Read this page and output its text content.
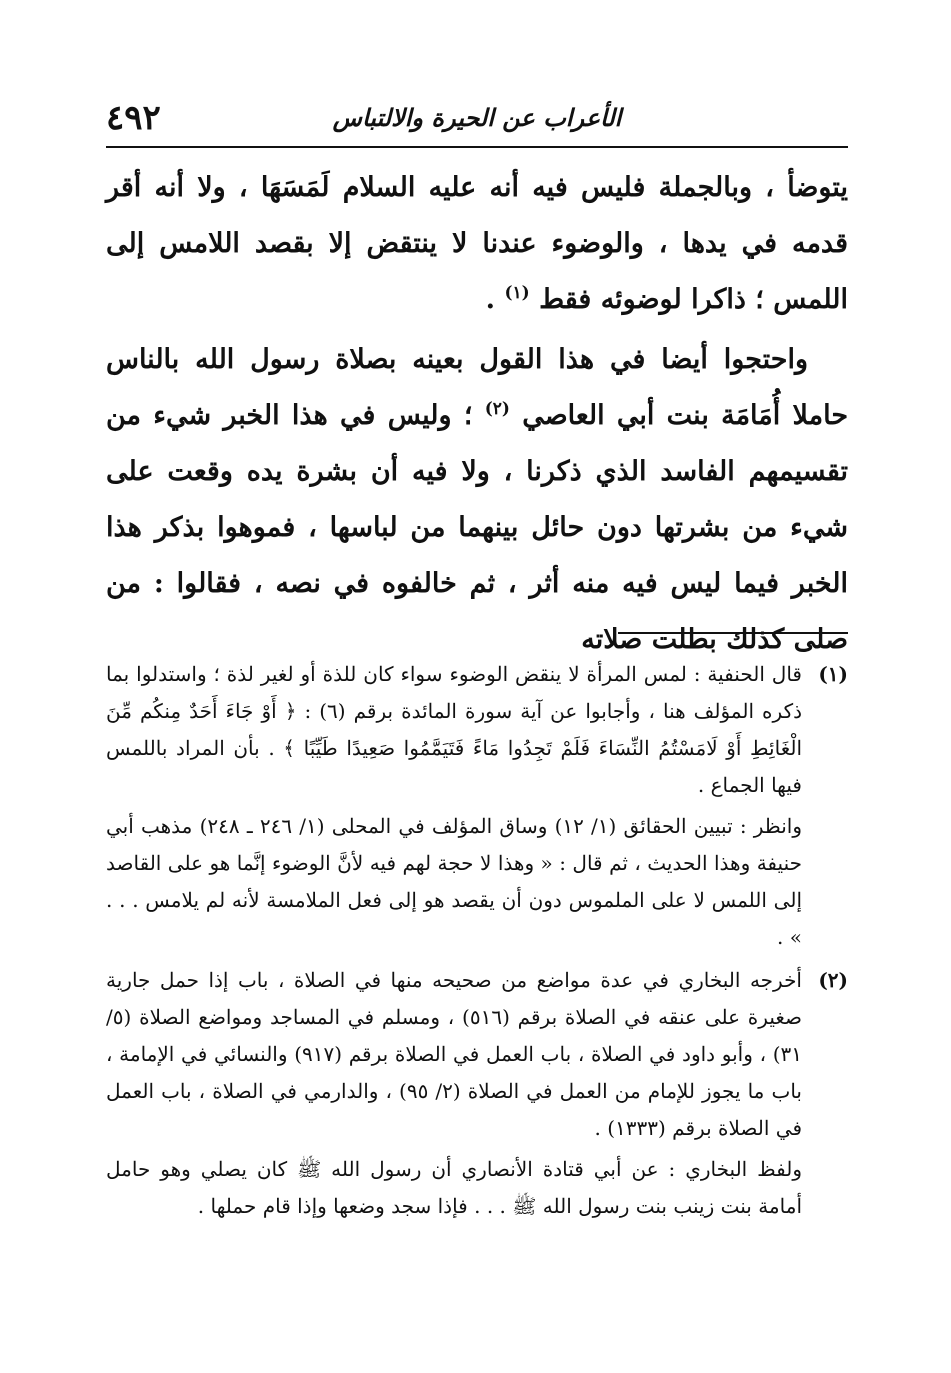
٤٩٢	الأعراب عن الحيرة والالتباس

يتوضأ ، وبالجملة فليس فيه أنه عليه السلام لَمَسَهَا ، ولا أنه أقر قدمه في يدها ، والوضوء عندنا لا ينتقض إلا بقصد اللامس إلى اللمس ؛ ذاكرا لوضوئه فقط $^{(١)}$ .

واحتجوا أيضا في هذا القول بعينه بصلاة رسول الله بالناس حاملا أُمَامَة بنت أبي العاصي $^{(٢)}$ ؛ وليس في هذا الخبر شيء من تقسيمهم الفاسد الذي ذكرنا ، ولا فيه أن بشرة يده وقعت على شيء من بشرتها دون حائل بينهما من لباسها ، فموهوا بذكر هذا الخبر فيما ليس فيه منه أثر ، ثم خالفوه في نصه ، فقالوا : من صلى كذلك بطلت صلاته

(١)

قال الحنفية : لمس المرأة لا ينقض الوضوء سواء كان للذة أو لغير لذة ؛ واستدلوا بما ذكره المؤلف هنا ، وأجابوا عن آية سورة المائدة برقم (٦) : ﴿ أَوْ جَاءَ أَحَدٌ مِنكُم مِّنَ الْغَائِطِ أَوْ لَامَسْتُمُ النِّسَاءَ فَلَمْ تَجِدُوا مَاءً فَتَيَمَّمُوا صَعِيدًا طَيِّبًا ﴾ . بأن المراد باللمس فيها الجماع .

وانظر : تبيين الحقائق (١/ ١٢) وساق المؤلف في المحلى (١/ ٢٤٦ ـ ٢٤٨) مذهب أبي حنيفة وهذا الحديث ، ثم قال : « وهذا لا حجة لهم فيه لأنَّ الوضوء إنَّما هو على القاصد إلى اللمس لا على الملموس دون أن يقصد هو إلى فعل الملامسة لأنه لم يلامس . . . » .

(٢)

أخرجه البخاري في عدة مواضع من صحيحه منها في الصلاة ، باب إذا حمل جارية صغيرة على عنقه في الصلاة برقم (٥١٦) ، ومسلم في المساجد ومواضع الصلاة (٥/ ٣١) ، وأبو داود في الصلاة ، باب العمل في الصلاة برقم (٩١٧) والنسائي في الإمامة ، باب ما يجوز للإمام من العمل في الصلاة (٢/ ٩٥) ، والدارمي في الصلاة ، باب العمل في الصلاة برقم (١٣٣٣) .

ولفظ البخاري : عن أبي قتادة الأنصاري أن رسول الله ﷺ كان يصلي وهو حامل أمامة بنت زينب بنت رسول الله ﷺ . . . فإذا سجد وضعها وإذا قام حملها .
